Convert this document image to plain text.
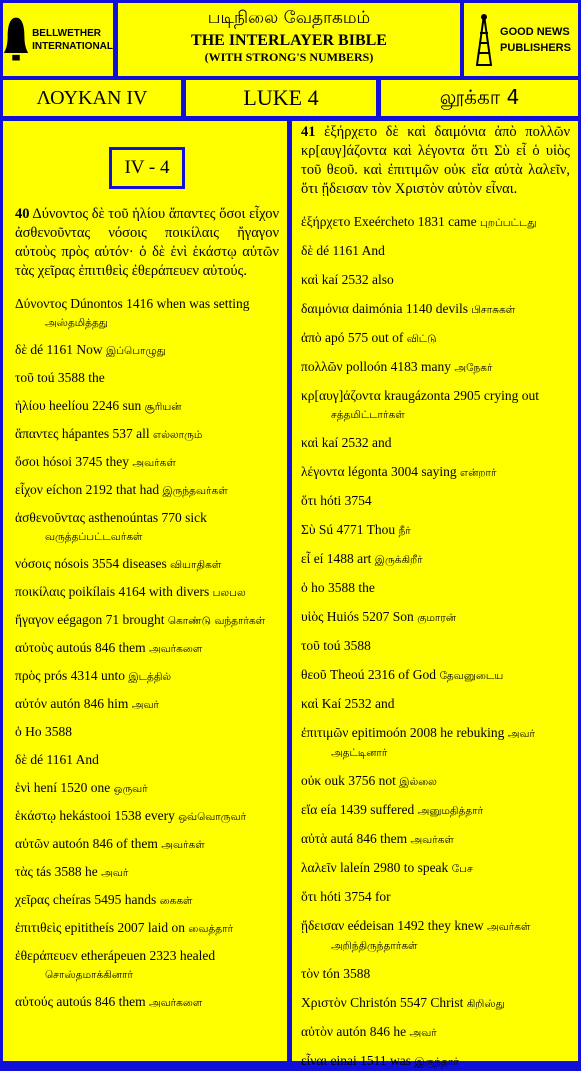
BELLWETHER
INTERNATIONAL
படிநிலை வேதாகமம்
THE INTERLAYER BIBLE
(WITH STRONG'S NUMBERS)
GOOD NEWS
PUBLISHERS
ΛΟΥΚΑΝ IV	LUKE 4	லூக்கா 4
IV - 4
40 Δύνοντος δὲ τοῦ ἡλίου ἅπαντες ὅσοι εἶχον ἀσθενοῦντας νόσοις ποικίλαις ἤγαγον αὐτοὺς πρὸς αὐτόν· ὁ δὲ ἑνὶ ἑκάστῳ αὐτῶν τὰς χεῖρας ἐπιτιθεὶς ἐθεράπευεν αὐτούς.
Δύνοντος Dúnontos 1416 when was setting அஸ்தமித்தது
δὲ dé 1161 Now இப்பொழுது
τοῦ toú 3588 the
ἡλίου heelíou 2246 sun சூரியன்
ἅπαντες hápantes 537 all எல்லாரும்
ὅσοι hósoi 3745 they அவர்கள்
εἶχον eíchon 2192 that had இருந்தவர்கள்
ἀσθενοῦντας asthenoúntas 770 sick வருத்தப்பட்டவர்கள்
νόσοις nósois 3554 diseases வியாதிகள்
ποικίλαις poikílais 4164 with divers பலபல
ἤγαγον eégagon 71 brought கொண்டு வந்தார்கள்
αὐτοὺς autoús 846 them அவர்களை
πρὸς prós 4314 unto இடத்தில்
αὐτόν autón 846 him அவர்
ὁ Ho 3588
δὲ dé 1161 And
ἑνὶ hení 1520 one ஒருவர்
ἑκάστῳ hekástooi 1538 every ஒவ்வொருவர்
αὐτῶν autoón 846 of them அவர்கள்
τὰς tás 3588 he அவர்
χεῖρας cheíras 5495 hands கைகள்
ἐπιτιθεὶς epititheís 2007 laid on வைத்தார்
ἐθεράπευεν etherápeuen 2323 healed சொஸ்தமாக்கினார்
αὐτούς autoús 846 them அவர்களை
41 ἐξήρχετο δὲ καὶ δαιμόνια ἀπὸ πολλῶν κρ[αυγ]άζοντα καὶ λέγοντα ὅτι Σὺ εἶ ὁ υἱὸς τοῦ θεοῦ. καὶ ἐπιτιμῶν οὐκ εἴα αὐτὰ λαλεῖν, ὅτι ᾔδεισαν τὸν Χριστὸν αὐτὸν εἶναι.
ἐξήρχετο Exeércheto 1831 came புறப்பட்டது
δὲ dé 1161 And
καὶ kaí 2532 also
δαιμόνια daimónia 1140 devils பிசாசுகள்
ἀπὸ apó 575 out of விட்டு
πολλῶν polloón 4183 many அநேகர்
κρ[αυγ]άζοντα kraugázonta 2905 crying out சத்தமிட்டார்கள்
καὶ kaí 2532 and
λέγοντα légonta 3004 saying என்றார்
ὅτι hóti 3754
Σὺ Sú 4771 Thou நீர்
εἶ eí 1488 art இருக்கிறீர்
ὁ ho 3588 the
υἱὸς Huiós 5207 Son குமாரன்
τοῦ toú 3588
θεοῦ Theoú 2316 of God தேவனுடைய
καὶ Kaí 2532 and
ἐπιτιμῶν epitimoón 2008 he rebuking அவர் அதட்டினார்
οὐκ ouk 3756 not இல்லை
εἴα eía 1439 suffered அனுமதித்தார்
αὐτὰ autá 846 them அவர்கள்
λαλεῖν laleín 2980 to speak பேச
ὅτι hóti 3754 for
ᾔδεισαν eédeisan 1492 they knew அவர்கள் அறிந்திருந்தார்கள்
τὸν tón 3588
Χριστὸν Christón 5547 Christ கிறிஸ்து
αὐτὸν autón 846 he அவர்
εἶναι einai 1511 was இருந்தார்
